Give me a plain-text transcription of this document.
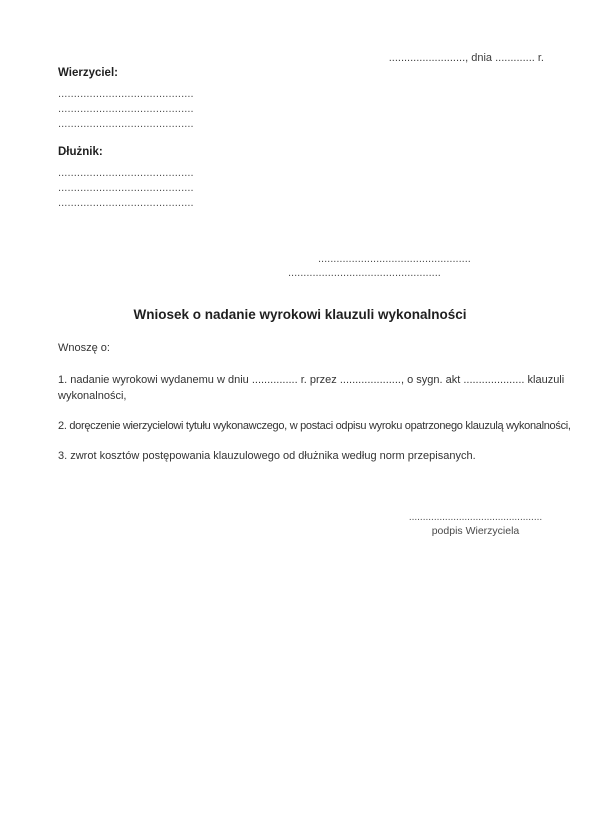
........................., dnia ............. r.
Wierzyciel:
...........................................
...........................................
...........................................
Dłużnik:
...........................................
...........................................
...........................................
..................................................
..................................................
Wniosek o nadanie wyrokowi klauzuli wykonalności
Wnoszę o:
1. nadanie wyrokowi wydanemu w dniu ............... r. przez ...................., o sygn. akt .................... klauzuli
wykonalności,
2. doręczenie wierzycielowi tytułu wykonawczego, w postaci odpisu wyroku opatrzonego klauzulą wykonalności,
3. zwrot kosztów postępowania klauzulowego od dłużnika według norm przepisanych.
................................................
podpis Wierzyciela
